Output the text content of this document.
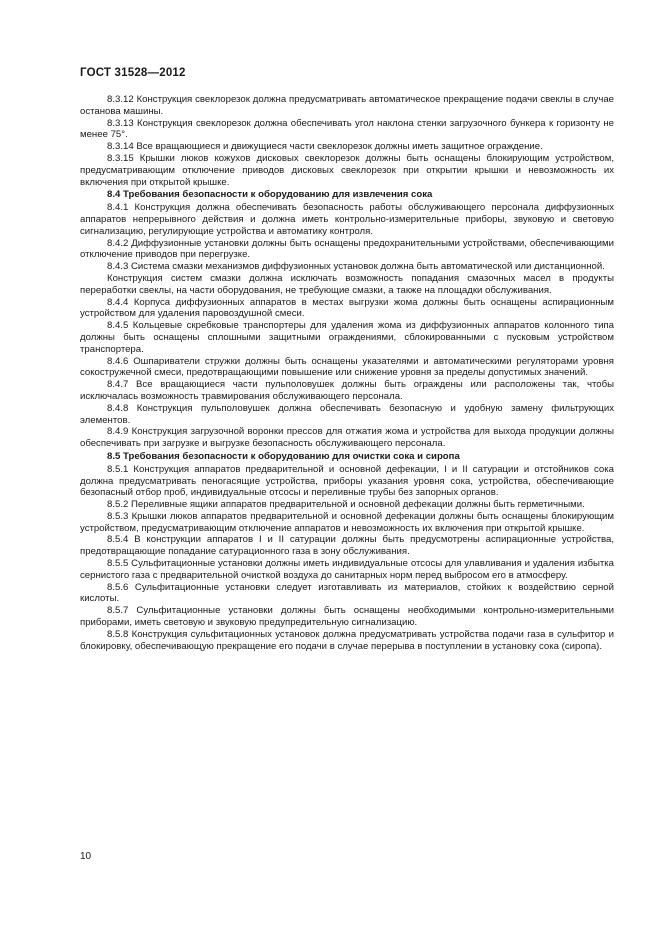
ГОСТ 31528—2012

8.3.12 Конструкция свеклорезок должна предусматривать автоматическое прекращение подачи свеклы в случае останова машины.

8.3.13 Конструкция свеклорезок должна обеспечивать угол наклона стенки загрузочного бункера к горизонту не менее 75°.

8.3.14 Все вращающиеся и движущиеся части свеклорезок должны иметь защитное ограждение.

8.3.15 Крышки люков кожухов дисковых свеклорезок должны быть оснащены блокирующим устройством, предусматривающим отключение приводов дисковых свеклорезок при открытии крышки и невозможность их включения при открытой крышке.

8.4 Требования безопасности к оборудованию для извлечения сока

8.4.1 Конструкция должна обеспечивать безопасность работы обслуживающего персонала диффузионных аппаратов непрерывного действия и должна иметь контрольно-измерительные приборы, звуковую и световую сигнализацию, регулирующие устройства и автоматику контроля.

8.4.2 Диффузионные установки должны быть оснащены предохранительными устройствами, обеспечивающими отключение приводов при перегрузке.

8.4.3 Система смазки механизмов диффузионных установок должна быть автоматической или дистанционной.

Конструкция систем смазки должна исключать возможность попадания смазочных масел в продукты переработки свеклы, на части оборудования, не требующие смазки, а также на площадки обслуживания.

8.4.4 Корпуса диффузионных аппаратов в местах выгрузки жома должны быть оснащены аспирационным устройством для удаления паровоздушной смеси.

8.4.5 Кольцевые скребковые транспортеры для удаления жома из диффузионных аппаратов колонного типа должны быть оснащены сплошными защитными ограждениями, сблокированными с пусковым устройством транспортера.

8.4.6 Ошпариватели стружки должны быть оснащены указателями и автоматическими регуляторами уровня сокостружечной смеси, предотвращающими повышение или снижение уровня за пределы допустимых значений.

8.4.7 Все вращающиеся части пульполовушек должны быть ограждены или расположены так, чтобы исключалась возможность травмирования обслуживающего персонала.

8.4.8 Конструкция пульполовушек должна обеспечивать безопасную и удобную замену фильтрующих элементов.

8.4.9 Конструкция загрузочной воронки прессов для отжатия жома и устройства для выхода продукции должны обеспечивать при загрузке и выгрузке безопасность обслуживающего персонала.

8.5 Требования безопасности к оборудованию для очистки сока и сиропа

8.5.1 Конструкция аппаратов предварительной и основной дефекации, I и II сатурации и отстойников сока должна предусматривать пеногасящие устройства, приборы указания уровня сока, устройства, обеспечивающие безопасный отбор проб, индивидуальные отсосы и переливные трубы без запорных органов.

8.5.2 Переливные ящики аппаратов предварительной и основной дефекации должны быть герметичными.

8.5.3 Крышки люков аппаратов предварительной и основной дефекации должны быть оснащены блокирующим устройством, предусматривающим отключение аппаратов и невозможность их включения при открытой крышке.

8.5.4 В конструкции аппаратов I и II сатурации должны быть предусмотрены аспирационные устройства, предотвращающие попадание сатурационного газа в зону обслуживания.

8.5.5 Сульфитационные установки должны иметь индивидуальные отсосы для улавливания и удаления избытка сернистого газа с предварительной очисткой воздуха до санитарных норм перед выбросом его в атмосферу.

8.5.6 Сульфитационные установки следует изготавливать из материалов, стойких к воздействию серной кислоты.

8.5.7 Сульфитационные установки должны быть оснащены необходимыми контрольно-измерительными приборами, иметь световую и звуковую предупредительную сигнализацию.

8.5.8 Конструкция сульфитационных установок должна предусматривать устройства подачи газа в сульфитор и блокировку, обеспечивающую прекращение его подачи в случае перерыва в поступлении в установку сока (сиропа).

10
